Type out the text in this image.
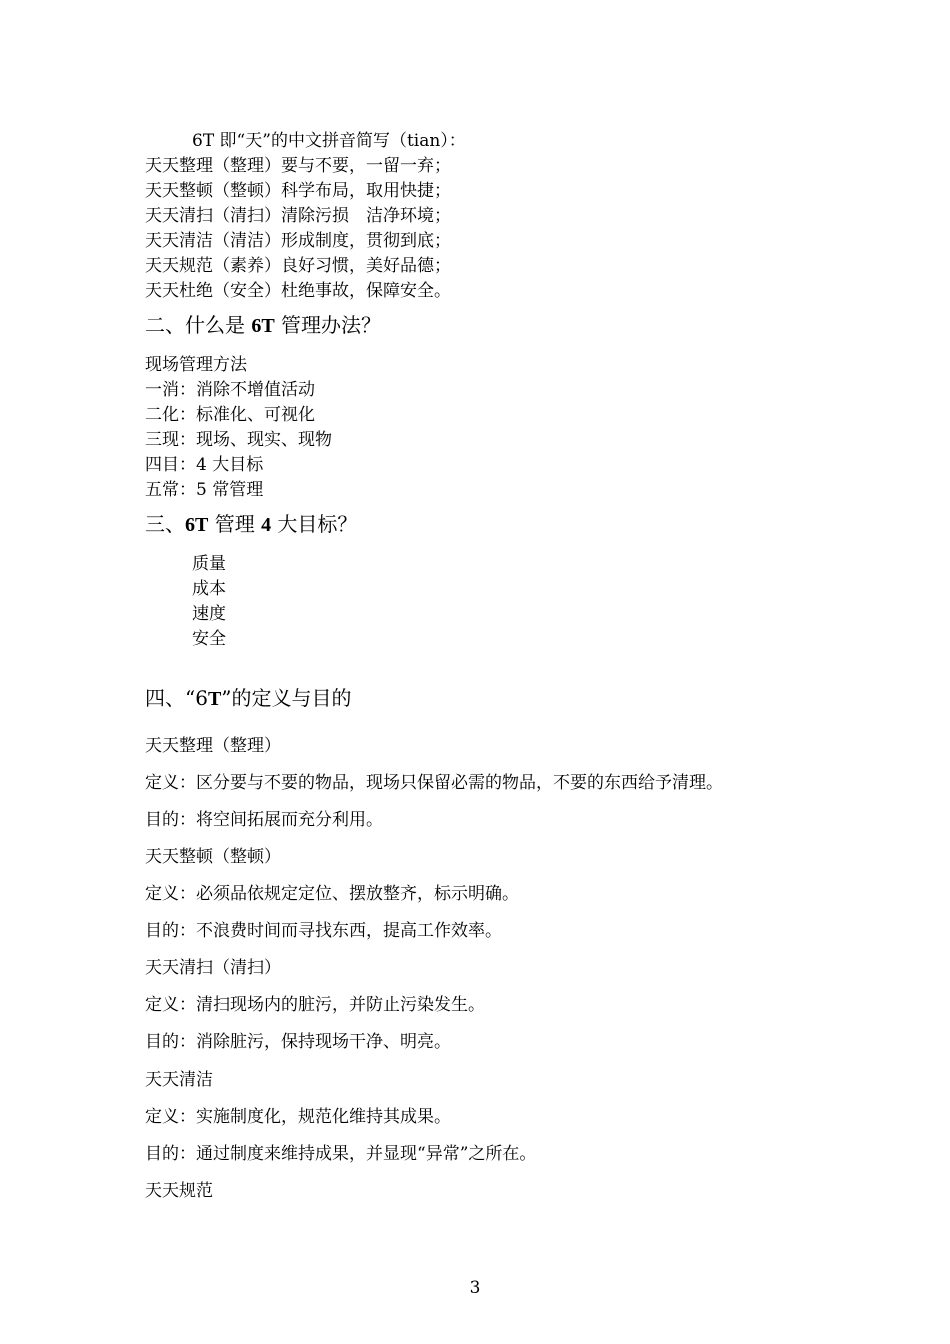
6T 即“天”的中文拼音简写（tian）：
天天整理（整理）要与不要，一留一弃；
天天整顿（整顿）科学布局，取用快捷；
天天清扫（清扫）清除污损　洁净环境；
天天清洁（清洁）形成制度，贯彻到底；
天天规范（素养）良好习惯，美好品德；
天天杜绝（安全）杜绝事故，保障安全。
二、什么是 6T 管理办法？
现场管理方法
一消：消除不增值活动
二化：标准化、可视化
三现：现场、现实、现物
四目：4 大目标
五常：5 常管理
三、6T 管理 4 大目标？
质量
成本
速度
安全
四、“6T”的定义与目的
天天整理（整理）
定义：区分要与不要的物品，现场只保留必需的物品，不要的东西给予清理。
目的：将空间拓展而充分利用。
天天整顿（整顿）
定义：必须品依规定定位、摆放整齐，标示明确。
目的：不浪费时间而寻找东西，提高工作效率。
天天清扫（清扫）
定义：清扫现场内的脏污，并防止污染发生。
目的：消除脏污，保持现场干净、明亮。
天天清洁
定义：实施制度化，规范化维持其成果。
目的：通过制度来维持成果，并显现“异常”之所在。
天天规范
3
